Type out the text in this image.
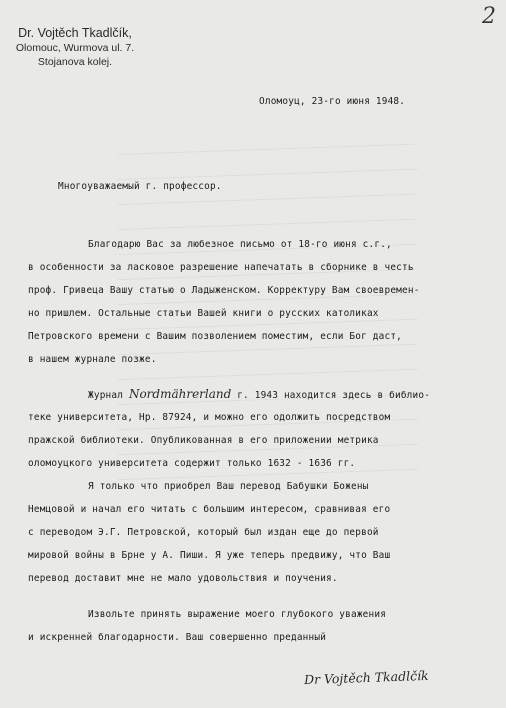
2
Dr. Vojtěch Tkadlčík,
Olomouc, Wurmova ul. 7.
Stojanova kolej.
Оломоуц, 23-го июня 1948.
Многоуважаемый г. профессор.
Благодарю Вас за любезное письмо от 18-го июня с.г.,
в особенности за ласковое разрешение напечатать в сборнике в честь
проф. Гривеца Вашу статью о Ладыженском. Корректуру Вам своевремен-
но пришлем. Остальные статьи Вашей книги о русских католиках
Петровского времени с Вашим позволением поместим, если Бог даст,
в нашем журнале позже.
Журнал Nordmährerland г. 1943 находится здесь в библио-
теке университета, Нр. 87924, и можно его одолжить посредством
пражской библиотеки. Опубликованная в его приложении метрика
оломоуцкого университета содержит только 1632 - 1636 гг.
Я только что приобрел Ваш перевод Бабушки Божены
Немцовой и начал его читать с большим интересом, сравнивая его
с переводом Э.Г. Петровской, который был издан еще до первой
мировой войны в Брне у А. Пиши. Я уже теперь предвижу, что Ваш
перевод доставит мне не мало удовольствия и поучения.
Извольте принять выражение моего глубокого уважения
и искренней благодарности. Ваш совершенно преданный
Dr Vojtěch Tkadlčík
